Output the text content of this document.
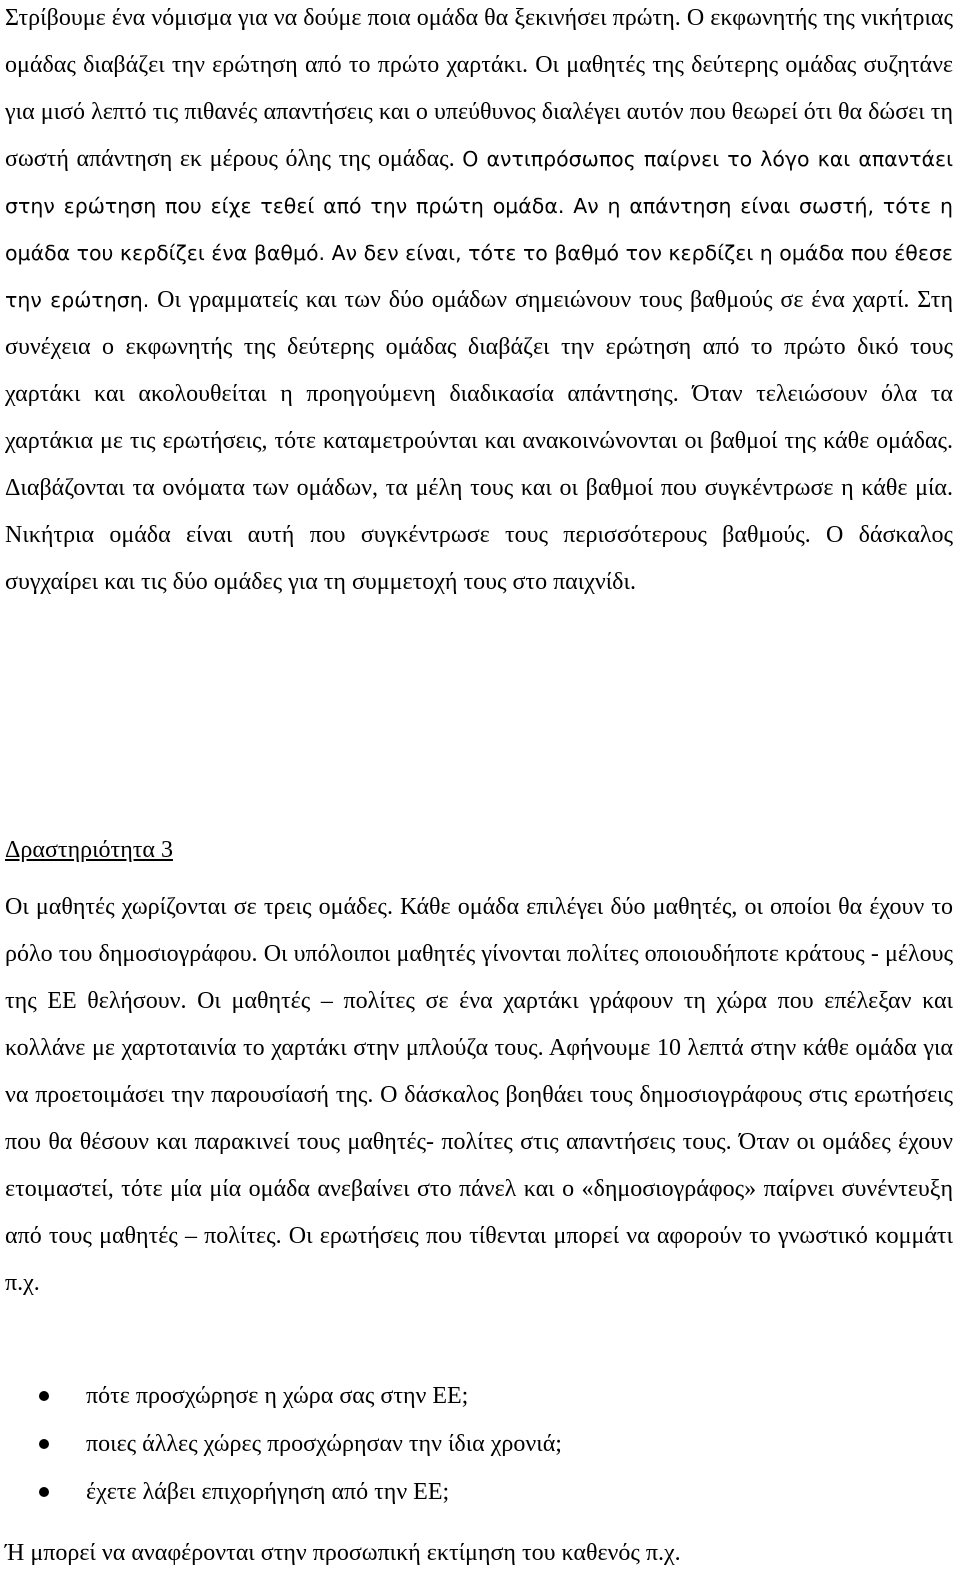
Στρίβουμε ένα νόμισμα για να δούμε ποια ομάδα θα ξεκινήσει πρώτη. Ο εκφωνητής της νικήτριας ομάδας διαβάζει την ερώτηση από το πρώτο χαρτάκι. Οι μαθητές της δεύτερης ομάδας συζητάνε για μισό λεπτό τις πιθανές απαντήσεις και ο υπεύθυνος διαλέγει αυτόν που θεωρεί ότι θα δώσει τη σωστή απάντηση εκ μέρους όλης της ομάδας. Ο αντιπρόσωπος παίρνει το λόγο και απαντάει στην ερώτηση που είχε τεθεί από την πρώτη ομάδα. Αν η απάντηση είναι σωστή, τότε η ομάδα του κερδίζει ένα βαθμό. Αν δεν είναι, τότε το βαθμό τον κερδίζει η ομάδα που έθεσε την ερώτηση. Οι γραμματείς και των δύο ομάδων σημειώνουν τους βαθμούς σε ένα χαρτί. Στη συνέχεια ο εκφωνητής της δεύτερης ομάδας διαβάζει την ερώτηση από το πρώτο δικό τους χαρτάκι και ακολουθείται η προηγούμενη διαδικασία απάντησης. Όταν τελειώσουν όλα τα χαρτάκια με τις ερωτήσεις, τότε καταμετρούνται και ανακοινώνονται οι βαθμοί της κάθε ομάδας. Διαβάζονται τα ονόματα των ομάδων, τα μέλη τους και οι βαθμοί που συγκέντρωσε η κάθε μία. Νικήτρια ομάδα είναι αυτή που συγκέντρωσε τους περισσότερους βαθμούς. Ο δάσκαλος συγχαίρει και τις δύο ομάδες για τη συμμετοχή τους στο παιχνίδι.

Δραστηριότητα 3

Οι μαθητές χωρίζονται σε τρεις ομάδες. Κάθε ομάδα επιλέγει δύο μαθητές, οι οποίοι θα έχουν το ρόλο του δημοσιογράφου. Οι υπόλοιποι μαθητές γίνονται πολίτες οποιουδήποτε κράτους - μέλους της ΕΕ θελήσουν. Οι μαθητές – πολίτες σε ένα χαρτάκι γράφουν τη χώρα που επέλεξαν και κολλάνε με χαρτοταινία το χαρτάκι στην μπλούζα τους. Αφήνουμε 10 λεπτά στην κάθε ομάδα για να προετοιμάσει την παρουσίασή της. Ο δάσκαλος βοηθάει τους δημοσιογράφους στις ερωτήσεις που θα θέσουν και παρακινεί τους μαθητές- πολίτες στις απαντήσεις τους. Όταν οι ομάδες έχουν ετοιμαστεί, τότε μία μία ομάδα ανεβαίνει στο πάνελ και ο «δημοσιογράφος» παίρνει συνέντευξη από τους μαθητές – πολίτες. Οι ερωτήσεις που τίθενται μπορεί να αφορούν το γνωστικό κομμάτι π.χ.

πότε προσχώρησε η χώρα σας στην ΕΕ;
ποιες άλλες χώρες προσχώρησαν την ίδια χρονιά;
έχετε λάβει επιχορήγηση από την ΕΕ;

Ή μπορεί να αναφέρονται στην προσωπική εκτίμηση του καθενός π.χ.
